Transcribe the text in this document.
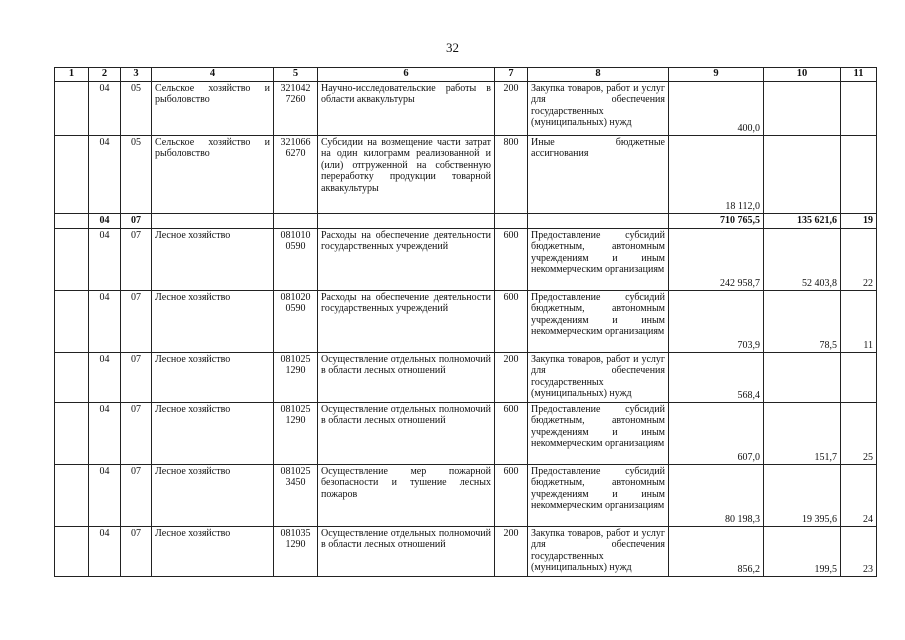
32
1	2	3	4	5	6	7	8	9	10	11
	04	05	Сельское хозяйство и рыболовство	321042 7260	Научно-исследовательские работы в области аквакультуры	200	Закупка товаров, работ и услуг для обеспечения государственных (муниципальных) нужд	400,0		
	04	05	Сельское хозяйство и рыболовство	321066 6270	Субсидии на возмещение части затрат на один килограмм реализованной и (или) отгруженной на собственную переработку продукции товарной аквакультуры	800	Иные бюджетные ассигнования	18 112,0		
	04	07						710 765,5	135 621,6	19
	04	07	Лесное хозяйство	081010 0590	Расходы на обеспечение деятельности государственных учреждений	600	Предоставление субсидий бюджетным, автономным учреждениям и иным некоммерческим организациям	242 958,7	52 403,8	22
	04	07	Лесное хозяйство	081020 0590	Расходы на обеспечение деятельности государственных учреждений	600	Предоставление субсидий бюджетным, автономным учреждениям и иным некоммерческим организациям	703,9	78,5	11
	04	07	Лесное хозяйство	081025 1290	Осуществление отдельных полномочий в области лесных отношений	200	Закупка товаров, работ и услуг для обеспечения государственных (муниципальных) нужд	568,4		
	04	07	Лесное хозяйство	081025 1290	Осуществление отдельных полномочий в области лесных отношений	600	Предоставление субсидий бюджетным, автономным учреждениям и иным некоммерческим организациям	607,0	151,7	25
	04	07	Лесное хозяйство	081025 3450	Осуществление мер пожарной безопасности и тушение лесных пожаров	600	Предоставление субсидий бюджетным, автономным учреждениям и иным некоммерческим организациям	80 198,3	19 395,6	24
	04	07	Лесное хозяйство	081035 1290	Осуществление отдельных полномочий в области лесных отношений	200	Закупка товаров, работ и услуг для обеспечения государственных (муниципальных) нужд	856,2	199,5	23
